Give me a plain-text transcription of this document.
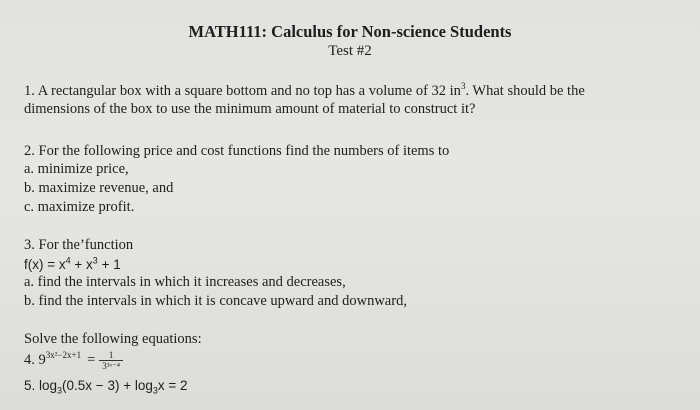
MATH111: Calculus for Non-science Students
Test #2
1. A rectangular box with a square bottom and no top has a volume of 32 $in^3$. What should be the
dimensions of the box to use the minimum amount of material to construct it?
2. For the following price and cost functions find the numbers of items to
a. minimize price,
b. maximize revenue, and
c. maximize profit.
3. For the’function
$f(x) = x^4 + x^3 + 1$
a. find the intervals in which it increases and decreases,
b. find the intervals in which it is concave upward and downward,
Solve the following equations:
4. $9^{3x^2-2x+1} = \frac{1}{\text{3³ˣ⁻⁴}}$
5. $\log_3(0.5x - 3) + \log_3x = 2$
